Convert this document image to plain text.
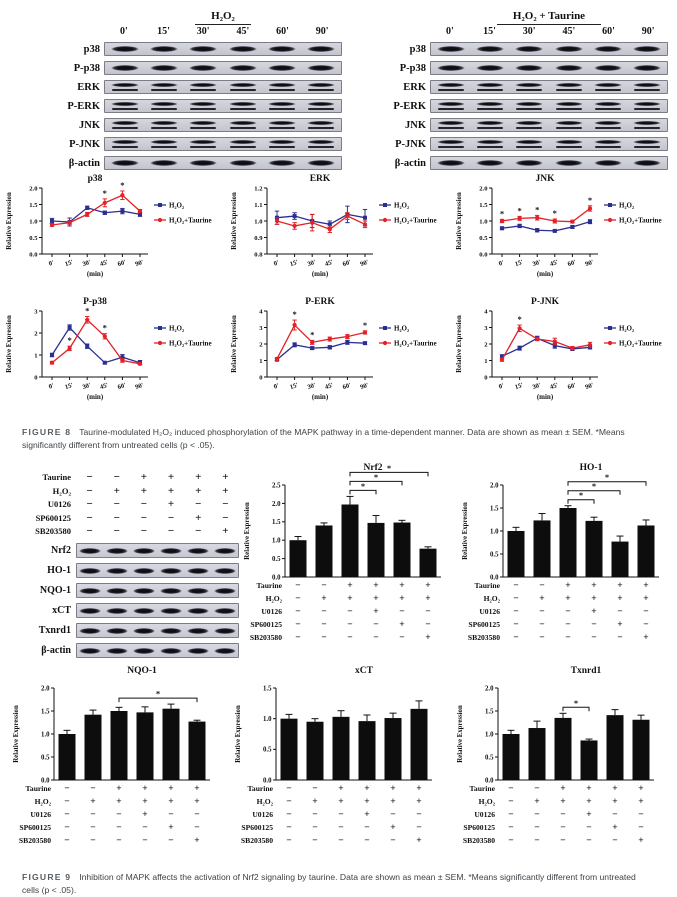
H₂O₂
0'	15'	30'	45'	60'	90'
p38
P-p38
ERK
P-ERK
JNK
P-JNK
β-actin
H₂O₂ + Taurine
0'	15'	30'	45'	60'	90'
p38
P-p38
ERK
P-ERK
JNK
P-JNK
β-actin
p38
0.0
0.5
1.0
1.5
2.0
Relative Expression
0' 15' 30' 45' 60' 90'
(min)
*
*
H₂O₂
H₂O₂+Taurine
ERK
0.8
0.9
1.0
1.1
1.2
Relative Expression
0' 15' 30' 45' 60' 90'
(min)
H₂O₂
H₂O₂+Taurine
JNK
0.0
0.5
1.0
1.5
2.0
Relative Expression
0' 15' 30' 45' 60' 90'
(min)
* * * *
*
H₂O₂
H₂O₂+Taurine
P-p38
0
1
2
3
Relative Expression
0' 15' 30' 45' 60' 90'
(min)
*
*
*	H₂O₂
H₂O₂+Taurine
P-ERK
0
1
2
3
4
Relative Expression
0' 15' 30' 45' 60' 90'
(min)
*
*
*	H₂O₂
H₂O₂+Taurine
P-JNK
0
1
2
3
4
Relative Expression
0' 15' 30' 45' 60' 90'
(min)
*
H₂O₂
H₂O₂+Taurine

FIGURE 8 Taurine-modulated H₂O₂ induced phosphorylation of the MAPK pathway in a time-dependent manner. Data are shown as mean ± SEM. *Means significantly different from untreated cells (p < .05).

Taurine	−	−	+	+	+	+
H₂O₂	−	+	+	+	+	+
U0126	−	−	−	+	−	−
SP600125	−	−	−	−	+	−
SB203580	−	−	−	−	−	+
Nrf2
HO-1
NQO-1
xCT
Txnrd1
β-actin
Nrf2
0.0
0.5
1.0
1.5
2.0
2.5
Relative Expression
*
*
*
Taurine − − + + + +
H₂O₂ − + + + + +
U0126 − − − + − −
SP600125 − − − − + −
SB203580 − − − − − +
HO-1
0.0
0.5
1.0
1.5
2.0
Relative Expression
*
*
*
Taurine − − + + + +
H₂O₂ − + + + + +
U0126 − − − + − −
SP600125 − − − − + −
SB203580 − − − − − +
NQO-1
0.0
0.5
1.0
1.5
2.0
Relative Expression
*
Taurine − − + + + +
H₂O₂ − + + + + +
U0126 − − − + − −
SP600125 − − − − + −
SB203580 − − − − − +
xCT
0.0
0.5
1.0
1.5
Relative Expression
Taurine − − + + + +
H₂O₂ − + + + + +
U0126 − − − + − −
SP600125 − − − − + −
SB203580 − − − − − +
Txnrd1
0.0
0.5
1.0
1.5
2.0
Relative Expression
*
Taurine − − + + + +
H₂O₂ − + + + + +
U0126 − − − + − −
SP600125 − − − − + −
SB203580 − − − − − +

FIGURE 9 Inhibition of MAPK affects the activation of Nrf2 signaling by taurine. Data are shown as mean ± SEM. *Means significantly different from untreated cells (p < .05).
